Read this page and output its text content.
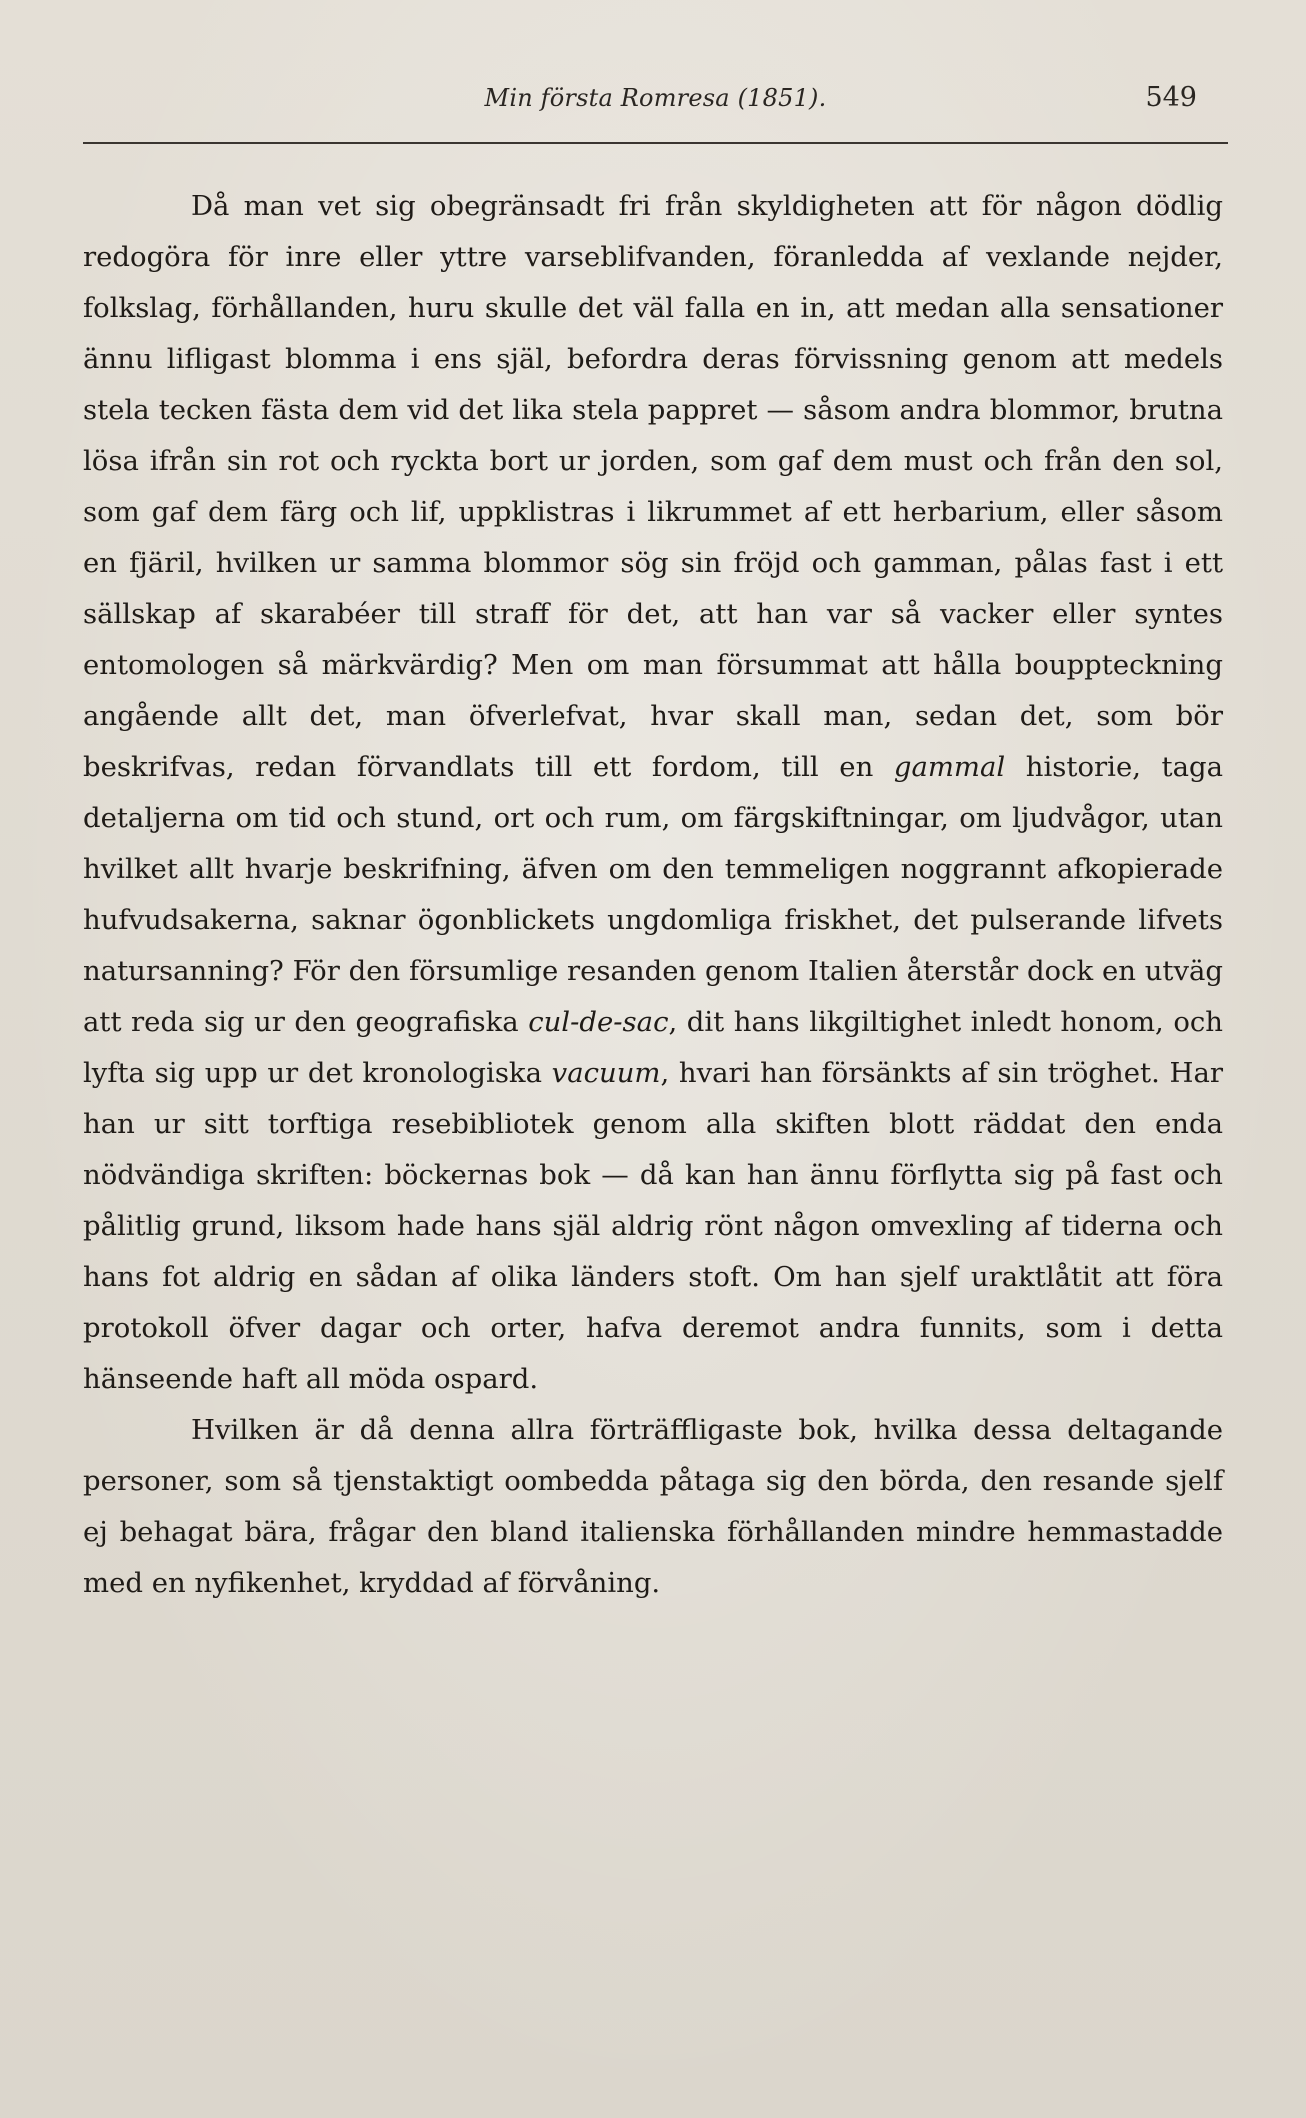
Min första Romresa (1851).	549

Då man vet sig obegränsadt fri från skyldigheten att för någon dödlig redogöra för inre eller yttre varseblifvanden, föranledda af vexlande nejder, folkslag, förhållanden, huru skulle det väl falla en in, att medan alla sensationer ännu lifligast blomma i ens själ, befordra deras förvissning genom att medels stela tecken fästa dem vid det lika stela pappret — såsom andra blommor, brutna lösa ifrån sin rot och ryckta bort ur jorden, som gaf dem must och från den sol, som gaf dem färg och lif, uppklistras i likrummet af ett herbarium, eller såsom en fjäril, hvilken ur samma blommor sög sin fröjd och gamman, pålas fast i ett sällskap af skarabéer till straff för det, att han var så vacker eller syntes entomologen så märkvärdig? Men om man försummat att hålla bouppteckning angående allt det, man öfverlefvat, hvar skall man, sedan det, som bör beskrifvas, redan förvandlats till ett fordom, till en gammal historie, taga detaljerna om tid och stund, ort och rum, om färgskiftningar, om ljudvågor, utan hvilket allt hvarje beskrifning, äfven om den temmeligen noggrannt afkopierade hufvudsakerna, saknar ögonblickets ungdomliga friskhet, det pulserande lifvets natursanning? För den försumlige resanden genom Italien återstår dock en utväg att reda sig ur den geografiska cul-de-sac, dit hans likgiltighet inledt honom, och lyfta sig upp ur det kronologiska vacuum, hvari han försänkts af sin tröghet. Har han ur sitt torftiga resebibliotek genom alla skiften blott räddat den enda nödvändiga skriften: böckernas bok — då kan han ännu förflytta sig på fast och pålitlig grund, liksom hade hans själ aldrig rönt någon omvexling af tiderna och hans fot aldrig en sådan af olika länders stoft. Om han sjelf uraktlåtit att föra protokoll öfver dagar och orter, hafva deremot andra funnits, som i detta hänseende haft all möda ospard.

Hvilken är då denna allra förträffligaste bok, hvilka dessa deltagande personer, som så tjenstaktigt oombedda påtaga sig den börda, den resande sjelf ej behagat bära, frågar den bland italienska förhållanden mindre hemmastadde med en nyfikenhet, kryddad af förvåning.
